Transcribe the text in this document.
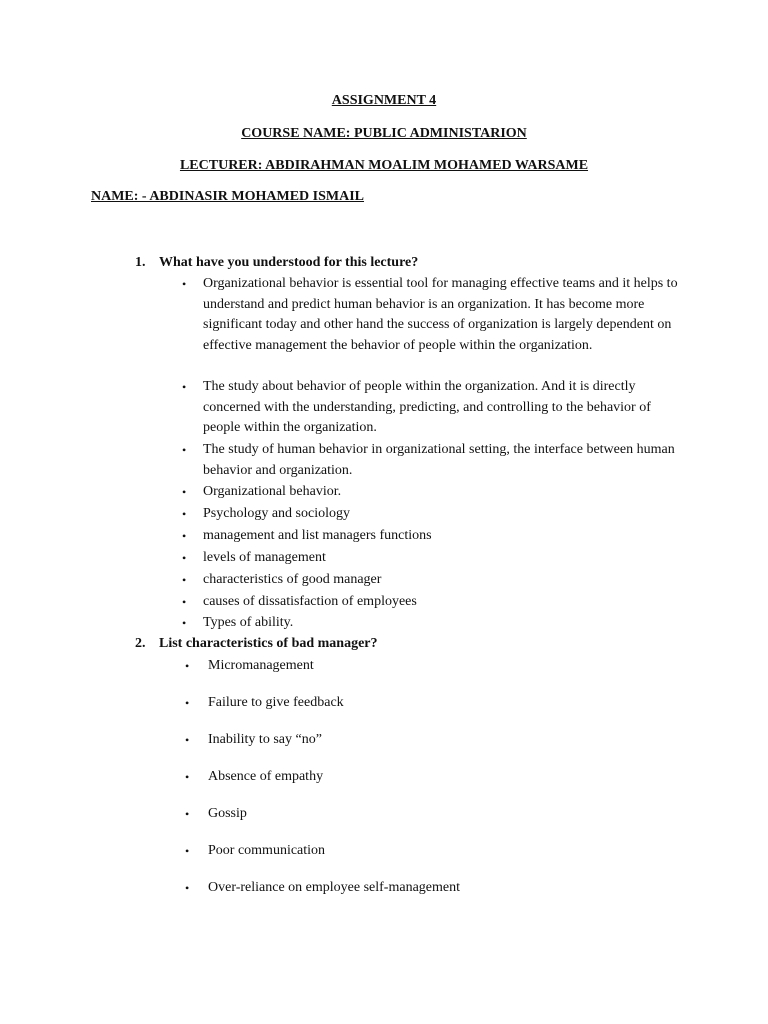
ASSIGNMENT 4
COURSE NAME: PUBLIC ADMINISTARION
LECTURER: ABDIRAHMAN MOALIM MOHAMED WARSAME
NAME: - ABDINASIR MOHAMED ISMAIL
1. What have you understood for this lecture?
• Organizational behavior is essential tool for managing effective teams and it helps to understand and predict human behavior is an organization. It has become more significant today and other hand the success of organization is largely dependent on effective management the behavior of people within the organization.
• The study about behavior of people within the organization. And it is directly concerned with the understanding, predicting, and controlling to the behavior of people within the organization.
• The study of human behavior in organizational setting, the interface between human behavior and organization.
• Organizational behavior.
• Psychology and sociology
• management and list managers functions
• levels of management
• characteristics of good manager
• causes of dissatisfaction of employees
• Types of ability.
2. List characteristics of bad manager?
• Micromanagement
• Failure to give feedback
• Inability to say “no”
• Absence of empathy
• Gossip
• Poor communication
• Over-reliance on employee self-management
